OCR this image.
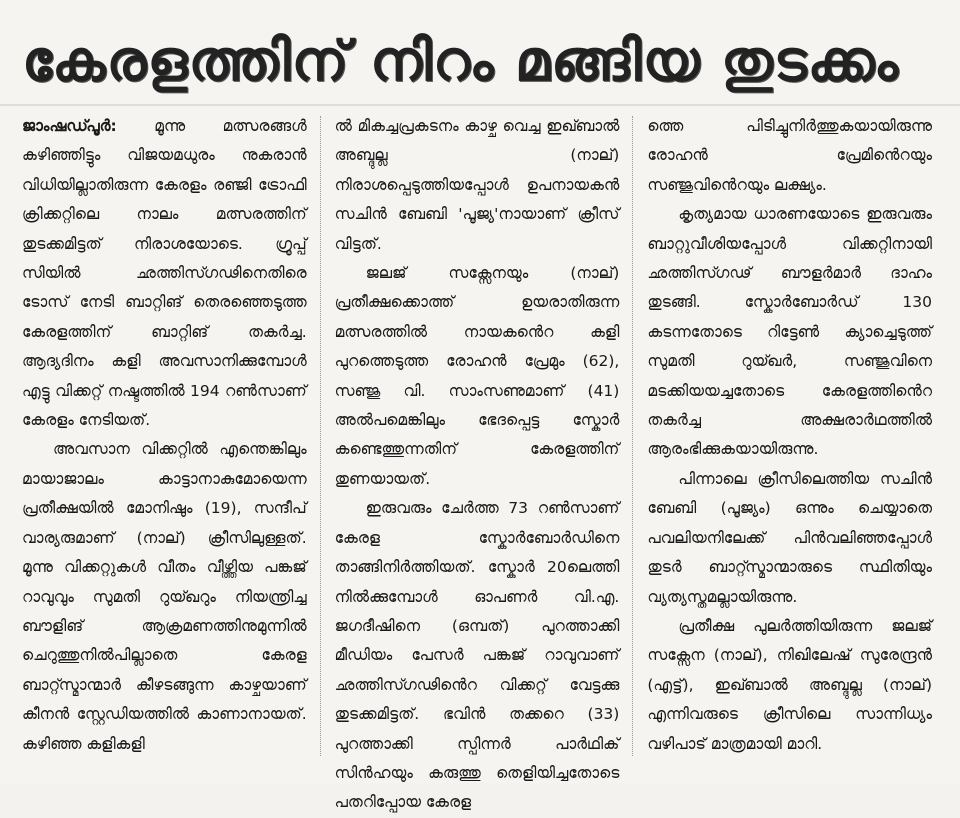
കേരളത്തിന് നിറം മങ്ങിയ തുടക്കം

ജാംഷഡ്പൂർ: മൂന്നു മത്സരങ്ങൾ കഴിഞ്ഞിട്ടും വിജയമധുരം നുകരാൻ വിധിയില്ലാതിരുന്ന കേരളം രഞ്ജി ട്രോഫി ക്രിക്കറ്റിലെ നാലം മത്സരത്തിന് തുടക്കമിട്ടത് നിരാശയോടെ. ഗ്രൂപ്പ് സിയിൽ ഛത്തിസ്ഗഢിനെതിരെ ടോസ് നേടി ബാറ്റിങ് തെരഞ്ഞെടുത്ത കേരളത്തിന് ബാറ്റിങ് തകർച്ച. ആദ്യദിനം കളി അവസാനിക്കുമ്പോൾ എട്ടു വിക്കറ്റ് നഷ്ടത്തിൽ 194 റൺസാണ് കേരളം നേടിയത്.

അവസാന വിക്കറ്റിൽ എന്തെങ്കിലും മായാജാലം കാട്ടാനാകുമോയെന്ന പ്രതീക്ഷയിൽ മോനിഷും (19), സന്ദീപ് വാര്യരുമാണ് (നാല്) ക്രീസിലുള്ളത്. മൂന്നു വിക്കറ്റുകൾ വീതം വീഴ്ത്തിയ പങ്കജ് റാവുവും സുമതി റുയ്ഖറും നിയന്ത്രിച്ച ബൗളിങ് ആക്രമണത്തിനുമുന്നിൽ ചെറുത്തുനിൽപില്ലാതെ കേരള ബാറ്റ്സ്മാന്മാർ കീഴടങ്ങുന്ന കാഴ്ചയാണ് കീനൻ സ്റ്റേഡിയത്തിൽ കാണാനായത്. കഴിഞ്ഞ കളികളി

ൽ മികച്ചപ്രകടനം കാഴ്ച വെച്ച ഇഖ്ബാൽ അബ്ദുല്ല (നാല്) നിരാശപ്പെടുത്തിയപ്പോൾ ഉപനായകൻ സചിൻ ബേബി 'പൂജ്യ'നായാണ് ക്രീസ് വിട്ടത്.

ജലജ് സക്സേനയും (നാല്) പ്രതീക്ഷക്കൊത്ത് ഉയരാതിരുന്ന മത്സരത്തിൽ നായകൻെറ കളി പുറത്തെടുത്ത രോഹൻ പ്രേമും (62), സഞ്ജു വി. സാംസണുമാണ് (41) അൽപമെങ്കിലും ഭേദപ്പെട്ട സ്കോർ കണ്ടെത്തുന്നതിന് കേരളത്തിന് തുണയായത്.

ഇരുവരും ചേർത്ത 73 റൺസാണ് കേരള സ്കോർബോർഡിനെ താങ്ങിനിർത്തിയത്. സ്കോർ 20ലെത്തി നിൽക്കുമ്പോൾ ഓപണർ വി.എ. ജഗദീഷിനെ (ഒമ്പത്) പുറത്താക്കി മീഡിയം പേസർ പങ്കജ് റാവുവാണ് ഛത്തിസ്ഗഢിൻെറ വിക്കറ്റ് വേട്ടക്കു തുടക്കമിട്ടത്. ഭവിൻ തക്കറെ (33) പുറത്താക്കി സ്പിന്നർ പാർഥിക് സിൻഹയും കരുത്തു തെളിയിച്ചതോടെ പതറിപ്പോയ കേരള

ത്തെ പിടിച്ചുനിർത്തുകയായിരുന്നു രോഹൻ പ്രേമിൻെറയും സഞ്ജുവിൻെറയും ലക്ഷ്യം.

കൃത്യമായ ധാരണയോടെ ഇരുവരും ബാറ്റുവീശിയപ്പോൾ വിക്കറ്റിനായി ഛത്തിസ്ഗഢ് ബൗളർമാർ ദാഹം തുടങ്ങി. സ്കോർബോർഡ് 130 കടന്നതോടെ റിട്ടേൺ ക്യാച്ചെടുത്ത് സുമതി റുയ്ഖർ, സഞ്ജുവിനെ മടക്കിയയച്ചതോടെ കേരളത്തിൻെറ തകർച്ച അക്ഷരാർഥത്തിൽ ആരംഭിക്കുകയായിരുന്നു.

പിന്നാലെ ക്രീസിലെത്തിയ സചിൻ ബേബി (പൂജ്യം) ഒന്നും ചെയ്യാതെ പവലിയനിലേക്ക് പിൻവലിഞ്ഞപ്പോൾ തുടർ ബാറ്റ്സ്മാന്മാരുടെ സ്ഥിതിയും വ്യത്യസ്തമല്ലായിരുന്നു.

പ്രതീക്ഷ പുലർത്തിയിരുന്ന ജലജ് സക്സേന (നാല്), നിഖിലേഷ് സുരേന്ദ്രൻ (എട്ട്), ഇഖ്ബാൽ അബ്ദുല്ല (നാല്) എന്നിവരുടെ ക്രീസിലെ സാന്നിധ്യം വഴിപാട് മാത്രമായി മാറി.
